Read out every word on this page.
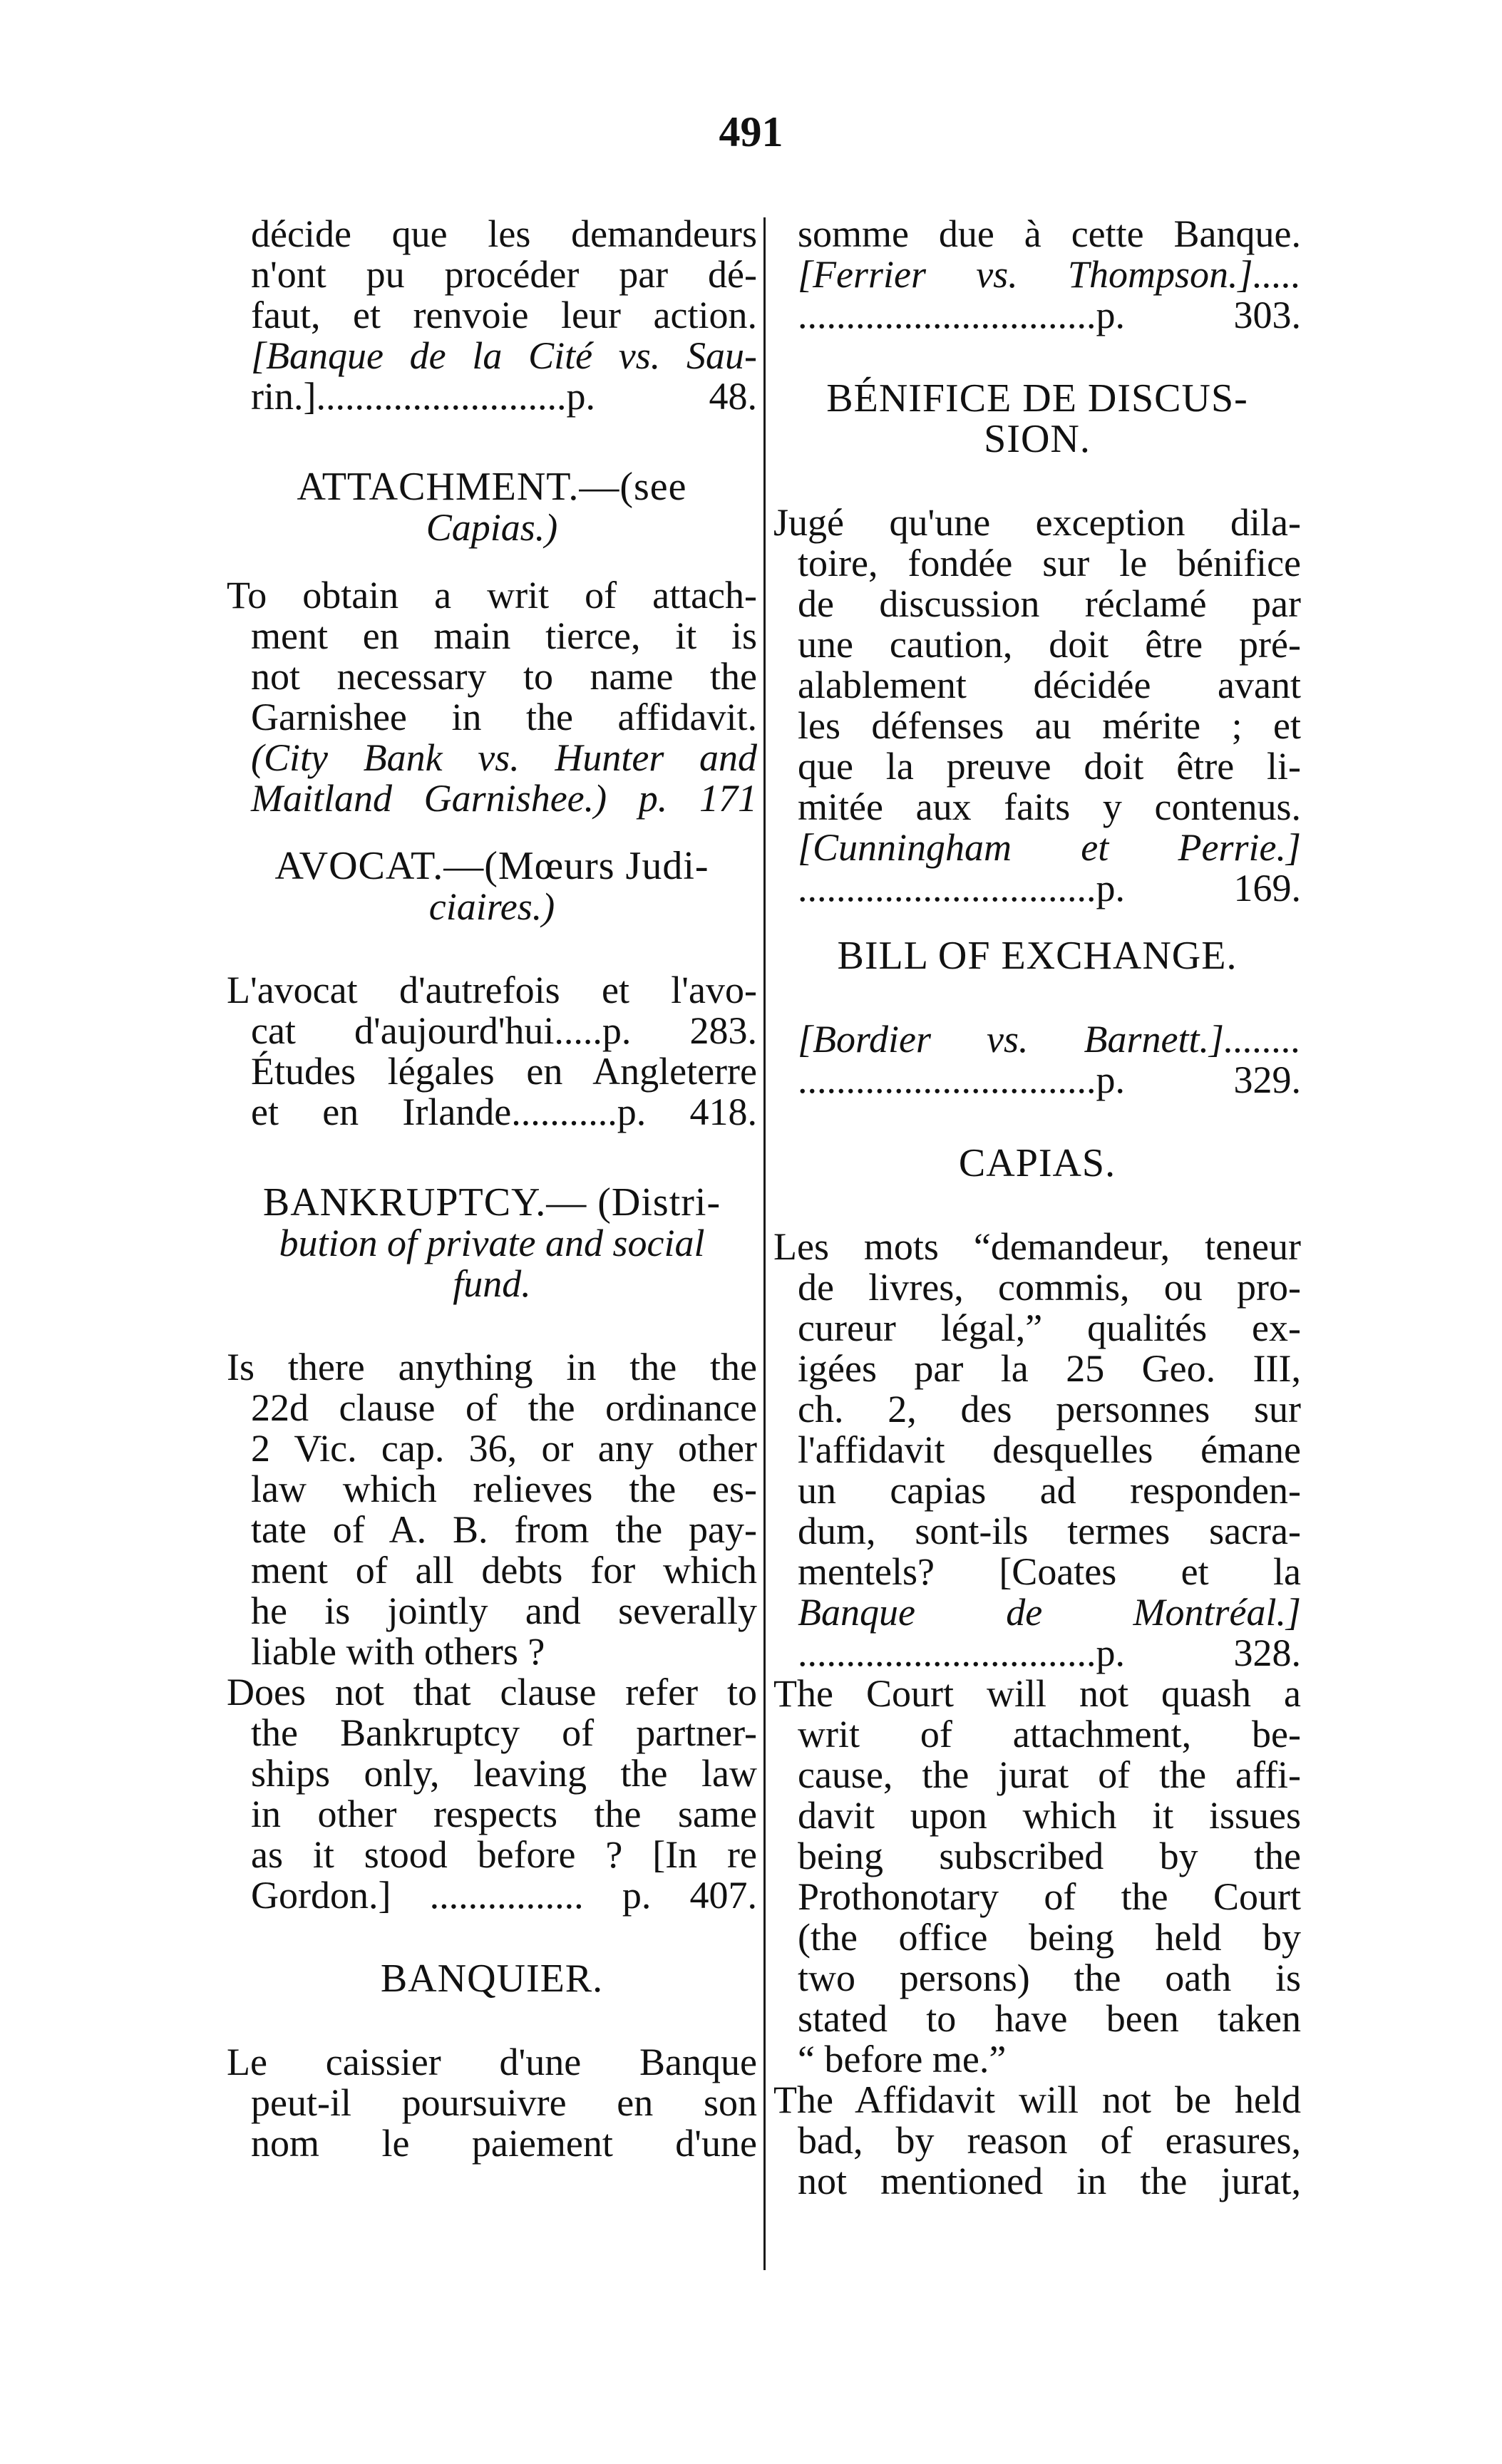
491
décide que les demandeurs
n'ont pu procéder par dé-
faut, et renvoie leur action.
[Banque de la Cité vs. Sau-
rin.]..........................p. 48.
ATTACHMENT.—(see
Capias.)
To obtain a writ of attach-
ment en main tierce, it is
not necessary to name the
Garnishee in the affidavit.
(City Bank vs. Hunter and
Maitland Garnishee.) p. 171
AVOCAT.—(Mœurs Judi-
ciaires.)
L'avocat d'autrefois et l'avo-
cat d'aujourd'hui.....p. 283.
Études légales en Angleterre
et en Irlande...........p. 418.
BANKRUPTCY.— (Distri-
bution of private and social
fund.
Is there anything in the the
22d clause of the ordinance
2 Vic. cap. 36, or any other
law which relieves the es-
tate of A. B. from the pay-
ment of all debts for which
he is jointly and severally
liable with others ?
Does not that clause refer to
the Bankruptcy of partner-
ships only, leaving the law
in other respects the same
as it stood before ? [In re
Gordon.] ................ p. 407.
BANQUIER.
Le caissier d'une Banque
peut-il poursuivre en son
nom le paiement d'une
somme due à cette Banque.
[Ferrier vs. Thompson.].....
...............................p. 303.
BÉNIFICE DE DISCUS-
SION.
Jugé qu'une exception dila-
toire, fondée sur le bénifice
de discussion réclamé par
une caution, doit être pré-
alablement décidée avant
les défenses au mérite ; et
que la preuve doit être li-
mitée aux faits y contenus.
[Cunningham et Perrie.]
...............................p. 169.
BILL OF EXCHANGE.
[Bordier vs. Barnett.]........
...............................p. 329.
CAPIAS.
Les mots “demandeur, teneur
de livres, commis, ou pro-
cureur légal,” qualités ex-
igées par la 25 Geo. III,
ch. 2, des personnes sur
l'affidavit desquelles émane
un capias ad responden-
dum, sont-ils termes sacra-
mentels? [Coates et la
Banque de Montréal.]
...............................p. 328.
The Court will not quash a
writ of attachment, be-
cause, the jurat of the affi-
davit upon which it issues
being subscribed by the
Prothonotary of the Court
(the office being held by
two persons) the oath is
stated to have been taken
“ before me.”
The Affidavit will not be held
bad, by reason of erasures,
not mentioned in the jurat,
